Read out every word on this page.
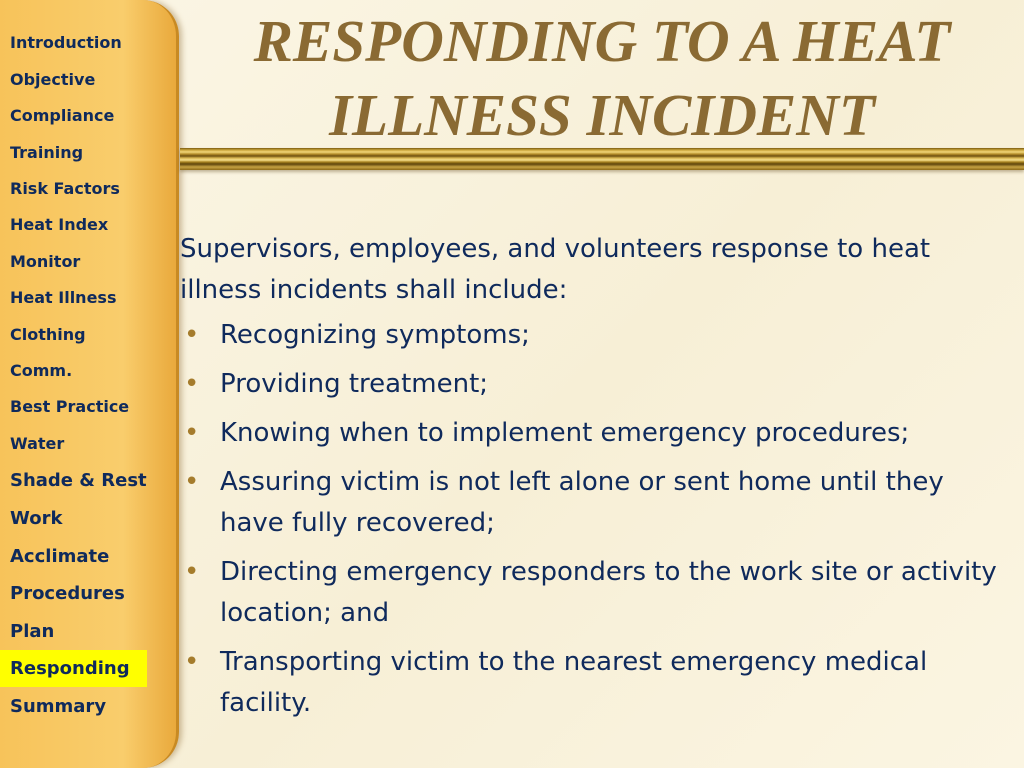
Introduction
Objective
Compliance
Training
Risk Factors
Heat Index
Monitor
Heat Illness
Clothing
Comm.
Best Practice
Water
Shade & Rest
Work
Acclimate
Procedures
Plan
Responding
Summary
RESPONDING TO A HEAT
ILLNESS INCIDENT

Supervisors, employees, and volunteers response to heat illness incidents shall include:

• Recognizing symptoms;
• Providing treatment;
• Knowing when to implement emergency procedures;
• Assuring victim is not left alone or sent home until they have fully recovered;
• Directing emergency responders to the work site or activity location; and
• Transporting victim to the nearest emergency medical facility.
